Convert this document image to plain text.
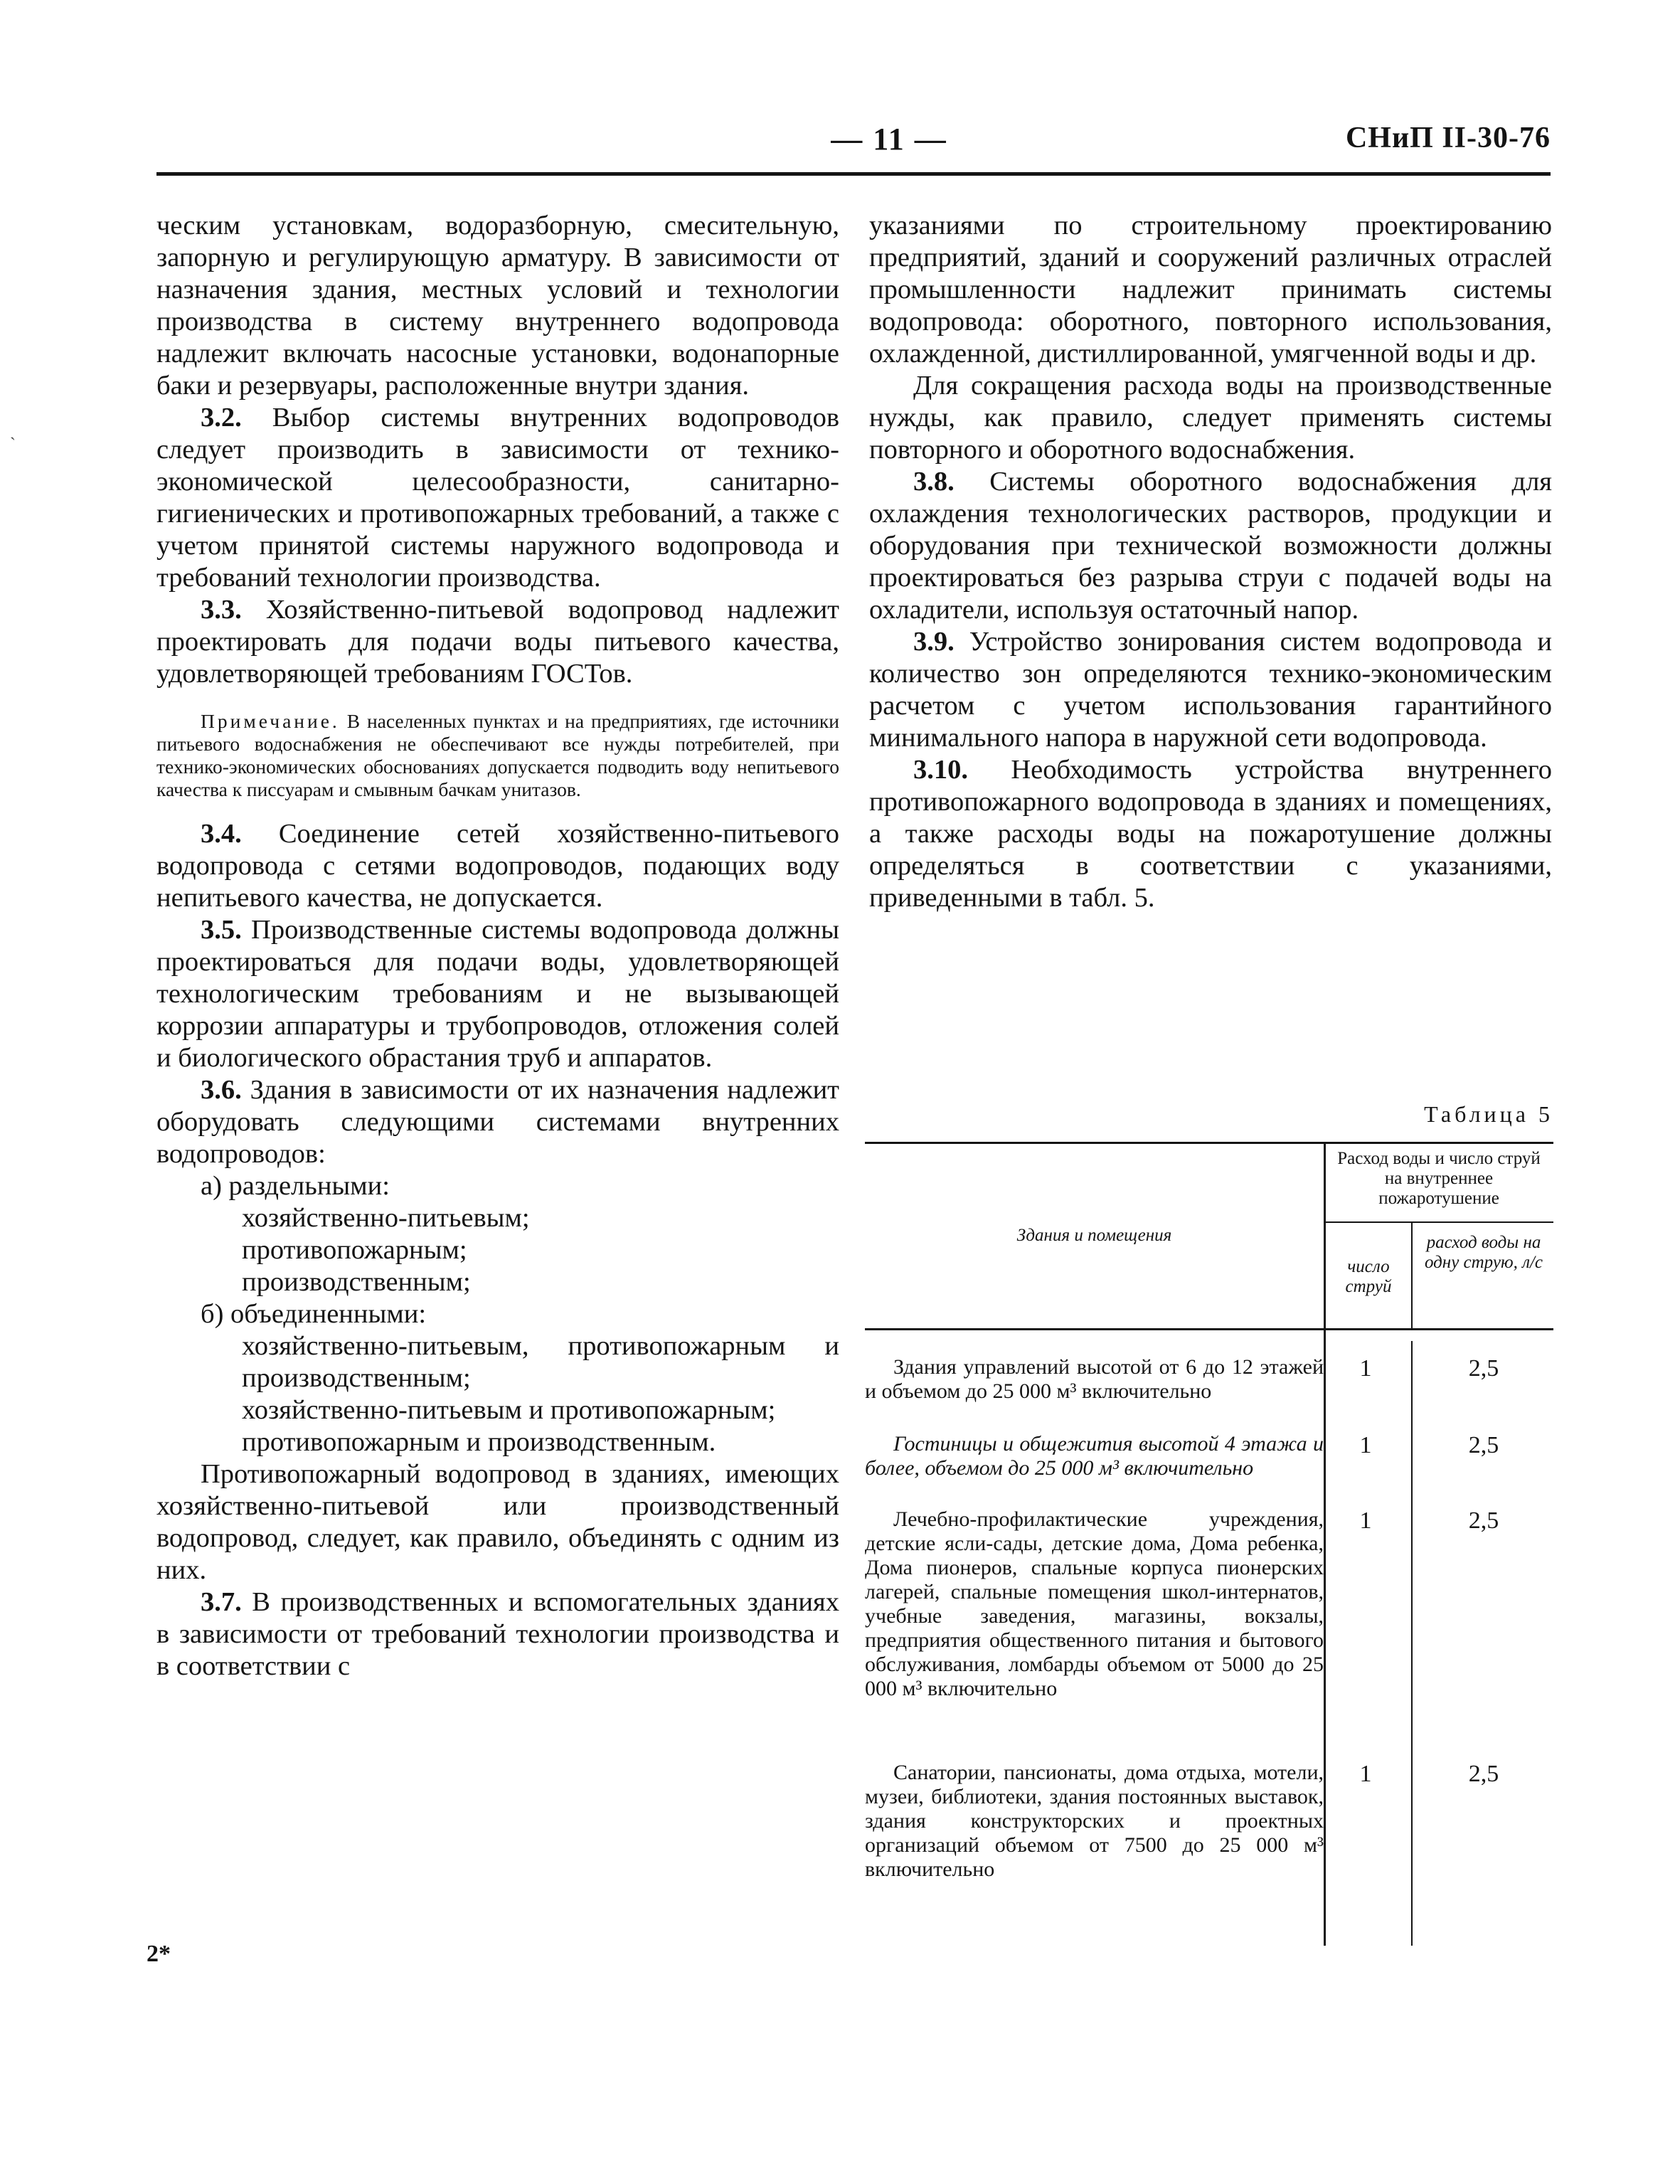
— 11 —	СНиП II-30-76
`

ческим установкам, водоразборную, смесительную, запорную и регулирующую арматуру. В зависимости от назначения здания, местных условий и технологии производства в систему внутреннего водопровода надлежит включать насосные установки, водонапорные баки и резервуары, расположенные внутри здания.

3.2. Выбор системы внутренних водопроводов следует производить в зависимости от технико-экономической целесообразности, санитарно-гигиенических и противопожарных требований, а также с учетом принятой системы наружного водопровода и требований технологии производства.

3.3. Хозяйственно-питьевой водопровод надлежит проектировать для подачи воды питьевого качества, удовлетворяющей требованиям ГОСТов.

Примечание. В населенных пунктах и на предприятиях, где источники питьевого водоснабжения не обеспечивают все нужды потребителей, при технико-экономических обоснованиях допускается подводить воду непитьевого качества к писсуарам и смывным бачкам унитазов.

3.4. Соединение сетей хозяйственно-питьевого водопровода с сетями водопроводов, подающих воду непитьевого качества, не допускается.

3.5. Производственные системы водопровода должны проектироваться для подачи воды, удовлетворяющей технологическим требованиям и не вызывающей коррозии аппаратуры и трубопроводов, отложения солей и биологического обрастания труб и аппаратов.

3.6. Здания в зависимости от их назначения надлежит оборудовать следующими системами внутренних водопроводов:

а) раздельными:
хозяйственно-питьевым;
противопожарным;
производственным;
б) объединенными:
хозяйственно-питьевым, противопожарным и производственным;
хозяйственно-питьевым и противопожарным;
противопожарным и производственным.

Противопожарный водопровод в зданиях, имеющих хозяйственно-питьевой или производственный водопровод, следует, как правило, объединять с одним из них.

3.7. В производственных и вспомогательных зданиях в зависимости от требований технологии производства и в соответствии с

2*

указаниями по строительному проектированию предприятий, зданий и сооружений различных отраслей промышленности надлежит принимать системы водопровода: оборотного, повторного использования, охлажденной, дистиллированной, умягченной воды и др.

Для сокращения расхода воды на производственные нужды, как правило, следует применять системы повторного и оборотного водоснабжения.

3.8. Системы оборотного водоснабжения для охлаждения технологических растворов, продукции и оборудования при технической возможности должны проектироваться без разрыва струи с подачей воды на охладители, используя остаточный напор.

3.9. Устройство зонирования систем водопровода и количество зон определяются технико-экономическим расчетом с учетом использования гарантийного минимального напора в наружной сети водопровода.

3.10. Необходимость устройства внутреннего противопожарного водопровода в зданиях и помещениях, а также расходы воды на пожаротушение должны определяться в соответствии с указаниями, приведенными в табл. 5.

Таблица 5
Здания и помещения
Расход воды и число струй на внутреннее пожаротушение
число струй
расход воды на одну струю, л/с
Здания управлений высотой от 6 до 12 этажей и объемом до 25 000 м³ включительно
1	2,5
Гостиницы и общежития высотой 4 этажа и более, объемом до 25 000 м³ включительно
1	2,5
Лечебно-профилактические учреждения, детские ясли-сады, детские дома, Дома ребенка, Дома пионеров, спальные корпуса пионерских лагерей, спальные помещения школ-интернатов, учебные заведения, магазины, вокзалы, предприятия общественного питания и бытового обслуживания, ломбарды объемом от 5000 до 25 000 м³ включительно
1	2,5
Санатории, пансионаты, дома отдыха, мотели, музеи, библиотеки, здания постоянных выставок, здания конструкторских и проектных организаций объемом от 7500 до 25 000 м³ включительно
1	2,5
